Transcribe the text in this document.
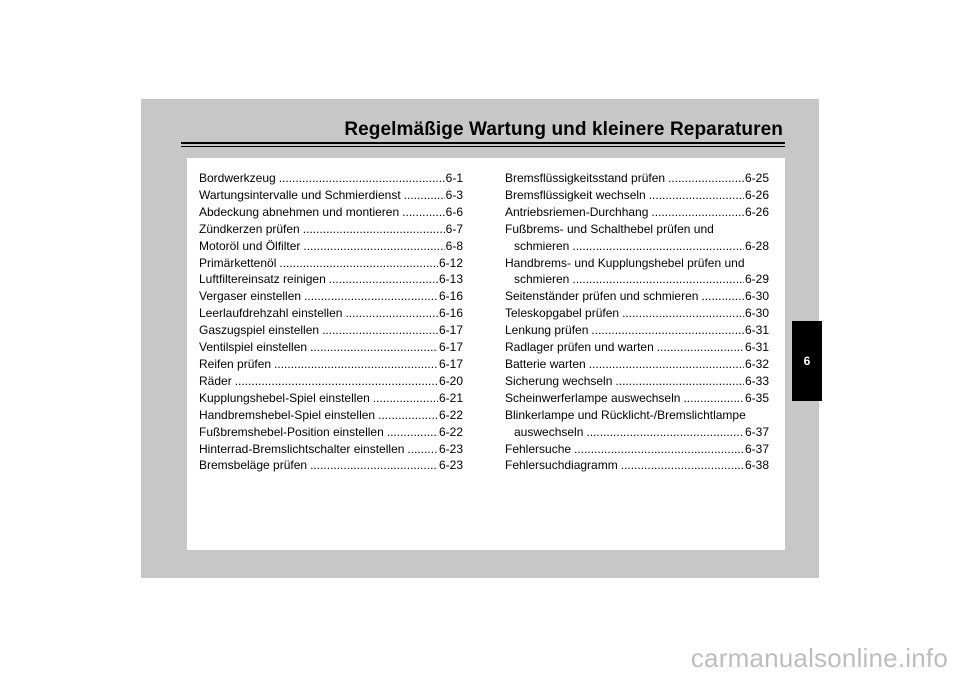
Regelmäßige Wartung und kleinere Reparaturen
Bordwerkzeug .....	6-1
Wartungsintervalle und Schmierdienst .....	6-3
Abdeckung abnehmen und montieren .....	6-6
Zündkerzen prüfen .....	6-7
Motoröl und Ölfilter .....	6-8
Primärkettenöl .....	6-12
Luftfiltereinsatz reinigen .....	6-13
Vergaser einstellen .....	6-16
Leerlaufdrehzahl einstellen .....	6-16
Gaszugspiel einstellen .....	6-17
Ventilspiel einstellen .....	6-17
Reifen prüfen .....	6-17
Räder .....	6-20
Kupplungshebel-Spiel einstellen .....	6-21
Handbremshebel-Spiel einstellen .....	6-22
Fußbremshebel-Position einstellen .....	6-22
Hinterrad-Bremslichtschalter einstellen .....	6-23
Bremsbeläge prüfen .....	6-23
Bremsflüssigkeitsstand prüfen .....	6-25
Bremsflüssigkeit wechseln .....	6-26
Antriebsriemen-Durchhang .....	6-26
Fußbrems- und Schalthebel prüfen und
schmieren .....	6-28
Handbrems- und Kupplungshebel prüfen und
schmieren .....	6-29
Seitenständer prüfen und schmieren .....	6-30
Teleskopgabel prüfen .....	6-30
Lenkung prüfen .....	6-31
Radlager prüfen und warten .....	6-31
Batterie warten .....	6-32
Sicherung wechseln .....	6-33
Scheinwerferlampe auswechseln .....	6-35
Blinkerlampe und Rücklicht-/Bremslichtlampe
auswechseln .....	6-37
Fehlersuche .....	6-37
Fehlersuchdiagramm .....	6-38
6
carmanualsonline.info
